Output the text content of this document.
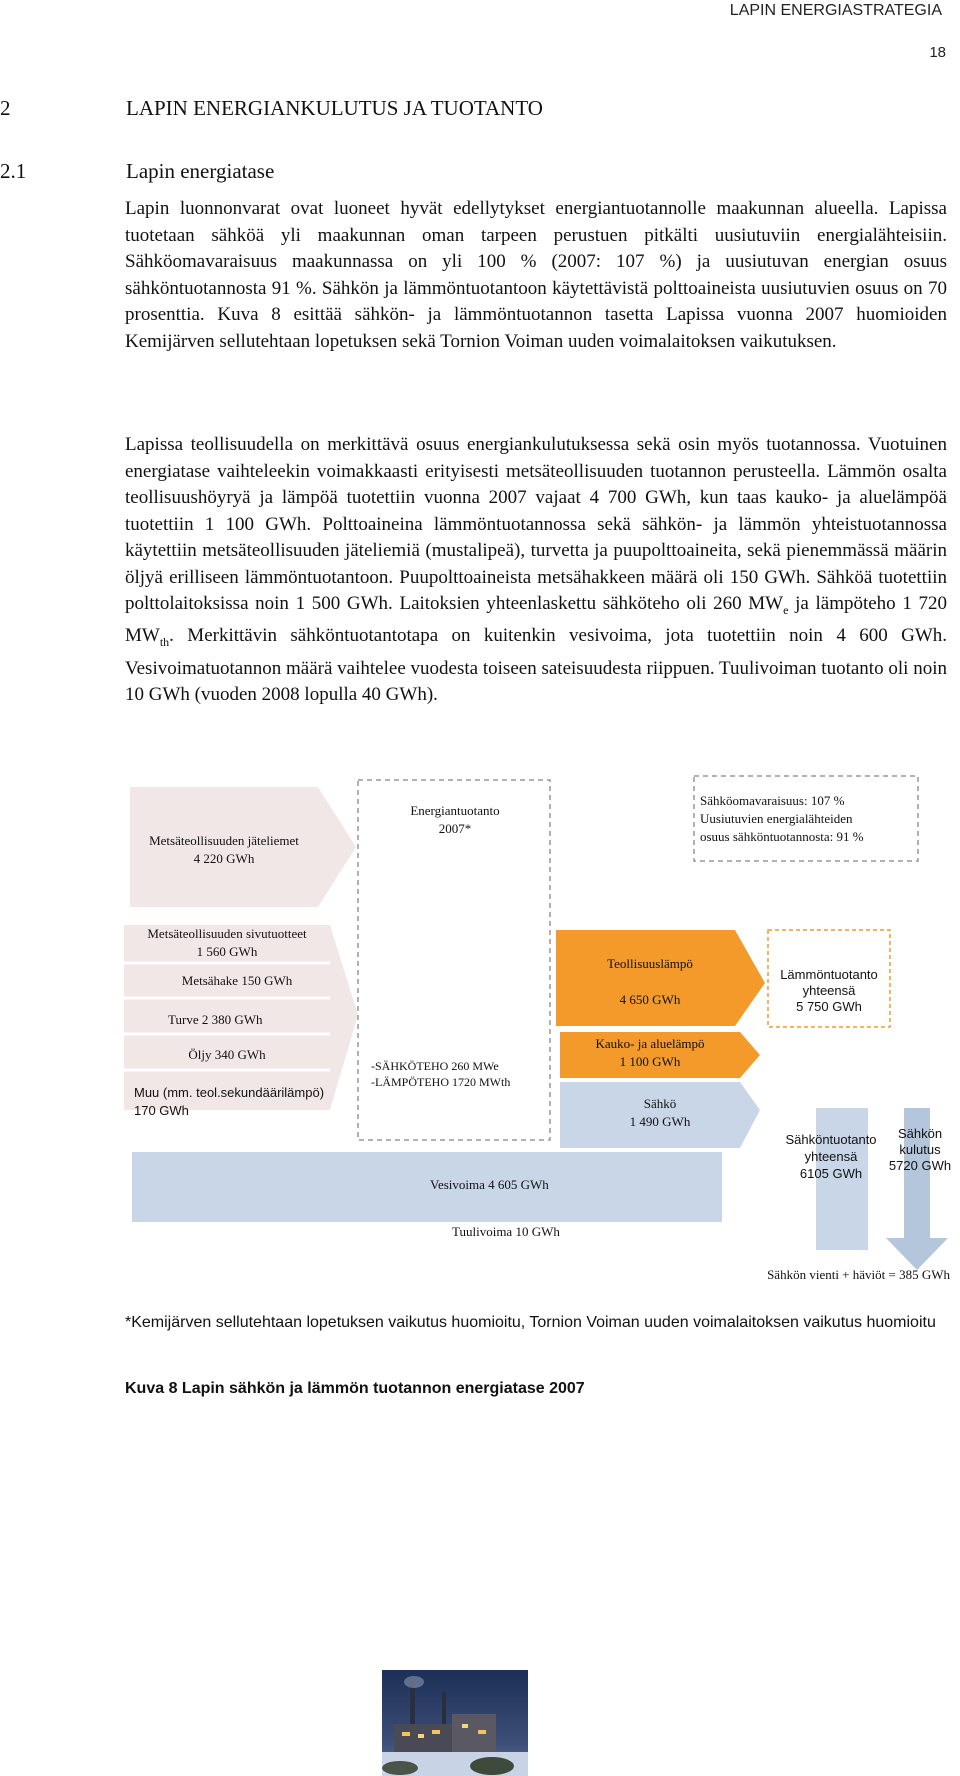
LAPIN ENERGIASTRATEGIA
18
2	LAPIN ENERGIANKULUTUS JA TUOTANTO
2.1	Lapin energiatase
Lapin luonnonvarat ovat luoneet hyvät edellytykset energiantuotannolle maakunnan alueella. Lapissa tuotetaan sähköä yli maakunnan oman tarpeen perustuen pitkälti uusiutuviin energialähteisiin. Sähköomavaraisuus maakunnassa on yli 100 % (2007: 107 %) ja uusiutuvan energian osuus sähköntuotannosta 91 %. Sähkön ja lämmöntuotantoon käytettävistä polttoaineista uusiutuvien osuus on 70 prosenttia. Kuva 8 esittää sähkön- ja lämmöntuotannon tasetta Lapissa vuonna 2007 huomioiden Kemijärven sellutehtaan lopetuksen sekä Tornion Voiman uuden voimalaitoksen vaikutuksen.
Lapissa teollisuudella on merkittävä osuus energiankulutuksessa sekä osin myös tuotannossa. Vuotuinen energiatase vaihteleekin voimakkaasti erityisesti metsäteollisuuden tuotannon perusteella. Lämmön osalta teollisuushöyryä ja lämpöä tuotettiin vuonna 2007 vajaat 4 700 GWh, kun taas kauko- ja aluelämpöä tuotettiin 1 100 GWh. Polttoaineina lämmöntuotannossa sekä sähkön- ja lämmön yhteistuotannossa käytettiin metsäteollisuuden jäteliemiä (mustalipeä), turvetta ja puupolttoaineita, sekä pienemmässä määrin öljyä erilliseen lämmöntuotantoon. Puupolttoaineista metsähakkeen määrä oli 150 GWh. Sähköä tuotettiin polttolaitoksissa noin 1 500 GWh. Laitoksien yhteenlaskettu sähköteho oli 260 $MW_e$ ja lämpöteho 1 720 $MW_{th}$. Merkittävin sähköntuotantotapa on kuitenkin vesivoima, jota tuotettiin noin 4 600 GWh. Vesivoimatuotannon määrä vaihtelee vuodesta toiseen sateisuudesta riippuen. Tuulivoiman tuotanto oli noin 10 GWh (vuoden 2008 lopulla 40 GWh).
Metsäteollisuuden jäteliemet
4 220 GWh
Energiantuotanto
2007*
Sähköomavaraisuus: 107 %
Uusiutuvien energialähteiden
osuus sähköntuotannosta: 91 %
Metsäteollisuuden sivutuotteet
1 560 GWh
Metsähake 150 GWh
Turve 2 380 GWh
Öljy 340 GWh
Muu (mm. teol.sekundäärilämpö)
170 GWh
-SÄHKÖTEHO 260 MWe
-LÄMPÖTEHO 1720 MWth
Teollisuuslämpö
4 650 GWh
Kauko- ja aluelämpö
1 100 GWh
Sähkö
1 490 GWh
Lämmöntuotanto
yhteensä
5 750 GWh
Sähköntuotanto
yhteensä
6105 GWh
Sähkön
kulutus
5720 GWh
Vesivoima 4 605 GWh
Tuulivoima 10 GWh
Sähkön vienti + häviöt = 385 GWh
*Kemijärven sellutehtaan lopetuksen vaikutus huomioitu, Tornion Voiman uuden voimalaitoksen vaikutus huomioitu
Kuva 8 Lapin sähkön ja lämmön tuotannon energiatase 2007
